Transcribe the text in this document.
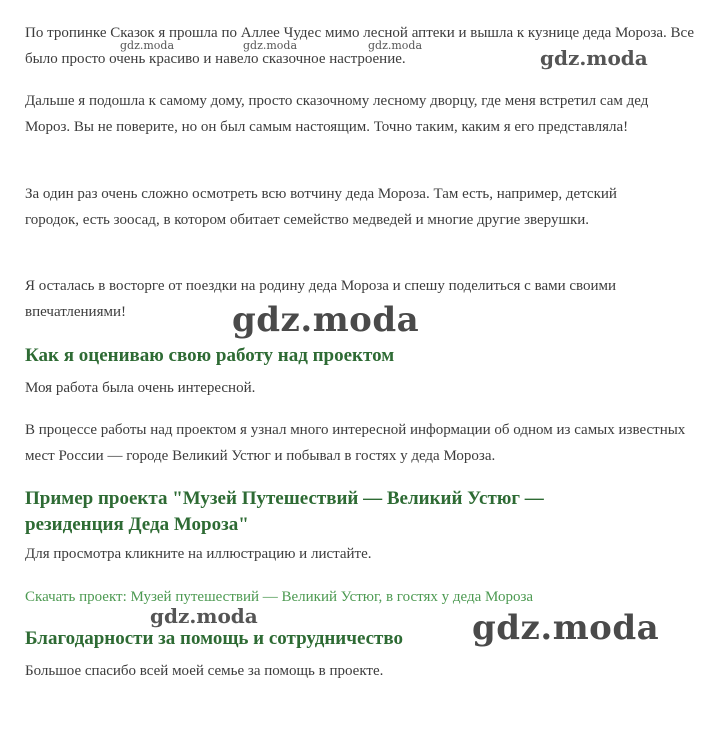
По тропинке Сказок я прошла по Аллее Чудес мимо лесной аптеки и вышла к кузнице деда Мороза. Все было просто очень красиво и навело сказочное настроение.

Дальше я подошла к самому дому, просто сказочному лесному дворцу, где меня встретил сам дед Мороз. Вы не поверите, но он был самым настоящим. Точно таким, каким я его представляла!

За один раз очень сложно осмотреть всю вотчину деда Мороза. Там есть, например, детский городок, есть зоосад, в котором обитает семейство медведей и многие другие зверушки.

Я осталась в восторге от поездки на родину деда Мороза и спешу поделиться с вами своими впечатлениями!

Как я оцениваю свою работу над проектом

Моя работа была очень интересной.

В процессе работы над проектом я узнал много интересной информации об одном из самых известных мест России — городе Великий Устюг и побывал в гостях у деда Мороза.

Пример проекта "Музей Путешествий — Великий Устюг — резиденция Деда Мороза"

Для просмотра кликните на иллюстрацию и листайте.

Скачать проект: Музей путешествий — Великий Устюг, в гостях у деда Мороза
Благодарности за помощь и сотрудничество

Большое спасибо всей моей семье за помощь в проекте.

gdz.moda	gdz.moda	gdz.moda
gdz.moda
gdz.moda
gdz.moda	gdz.moda
